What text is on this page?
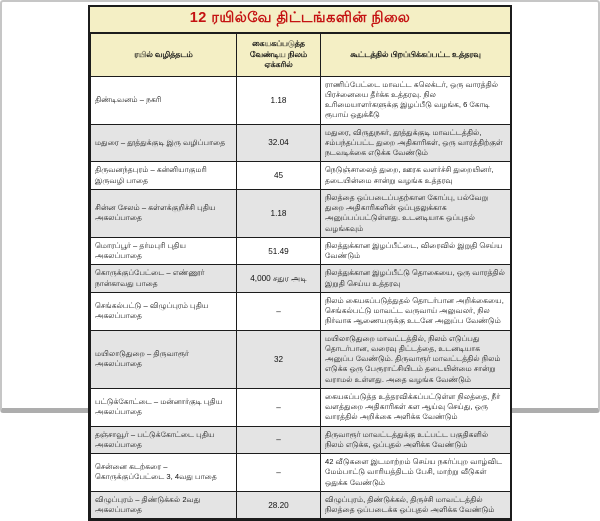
12 ரயில்வே திட்டங்களின் நிலை
ரயில் வழித்தடம்	கையகப்படுத்த வேண்டிய நிலம் ஏக்கரில்	கூட்டத்தில் பிறப்பிக்கப்பட்ட உத்தரவு
திண்டிவனம் – நகரி	1.18	ராணிப்பேட்டை மாவட்ட கலெக்டர், ஒரு வாரத்தில் பிரச்னையை தீர்க்க உத்தரவு. நில உரிமையாளர்களுக்கு இழப்பீடு வழங்க, 6 கோடி ரூபாய் ஒதுக்கீடு
மதுரை – தூத்துக்குடி இரு வழிப்பாதை	32.04	மதுரை, விருதுநகர், தூத்துக்குடி மாவட்டத்தில், சம்பந்தப்பட்ட துறை அதிகாரிகள், ஒரு வாரத்திற்குள் நடவடிக்கை எடுக்க வேண்டும்
திருவனந்தபுரம் – கன்னியாகுமரி இருவழி பாதை	45	நெடுஞ்சாலைத் துறை, ஊரக வளர்ச்சி துறையினர், தடையின்மை சான்று வழங்க உத்தரவு
சின்ன சேலம் – கள்ளக்குறிச்சி புதிய அகலப்பாதை	1.18	நிலத்தை ஒப்படைப்பதற்கான கோப்பு, பல்வேறு துறை அதிகாரிகளின் ஒப்புதலுக்காக அனுப்பப்பட்டுள்ளது. உடனடியாக ஒப்புதல் வழங்கவும்
மொரப்பூர் – தர்மபுரி புதிய அகலப்பாதை	51.49	நிலத்துக்கான இழப்பீட்டை, விரைவில் இறுதி செய்ய வேண்டும்
கொருக்குப்பேட்டை – எண்ணூர் நான்காவது பாதை	4,000 சதுர அடி	நிலத்துக்கான இழப்பீட்டு தொகையை, ஒரு வாரத்தில் இறுதி செய்ய உத்தரவு
செங்கல்பட்டு – விழுப்புரம் புதிய அகலப்பாதை	–	நிலம் கையகப்படுத்துதல் தொடர்பான அறிக்கையை, செங்கல்பட்டு மாவட்ட வருவாய் அலுவலர், நில நிர்வாக ஆணையருக்கு உடனே அனுப்ப வேண்டும்
மயிலாடுதுறை – திருவாரூர் அகலப்பாதை	32	மயிலாடுதுறை மாவட்டத்தில், நிலம் எடுப்பது தொடர்பான, வரைவு திட்டத்தை, உடனடியாக அனுப்ப வேண்டும். திருவாரூர் மாவட்டத்தில் நிலம் எடுக்க ஒரு பேரூராட்சியிடம் தடையின்மை சான்று வராமல் உள்ளது. அதை வழங்க வேண்டும்
பட்டுக்கோட்டை – மன்னார்குடி புதிய அகலப்பாதை	–	கையகப்படுத்த உத்தரவிக்கப்பட்டுள்ள நிலத்தை, நீர் வளத்துறை அதிகாரிகள் கள ஆய்வு செய்து, ஒரு வாரத்தில் அறிக்கை அளிக்க வேண்டும்
தஞ்சாவூர் – பட்டுக்கோட்டை புதிய அகலப்பாதை	–	திருவாரூர் மாவட்டத்துக்கு உட்பட்ட பகுதிகளில் நிலம் எடுக்க, ஒப்புதல் அளிக்க வேண்டும்
சென்னை கடற்கரை – கொருக்குப்பேட்டை 3, 4வது பாதை	–	42 வீடுகளை இடமாற்றம் செய்ய நகர்ப்புற வாழ்விட மேம்பாட்டு வாரியத்திடம் பேசி, மாற்று வீடுகள் ஒதுக்க வேண்டும்
விழுப்புரம் – திண்டுக்கல் 2வது அகலப்பாதை	28.20	விழுப்புரம், திண்டுக்கல், திருச்சி மாவட்டத்தில் நிலத்தை ஒப்படைக்க ஒப்புதல் அளிக்க வேண்டும்
